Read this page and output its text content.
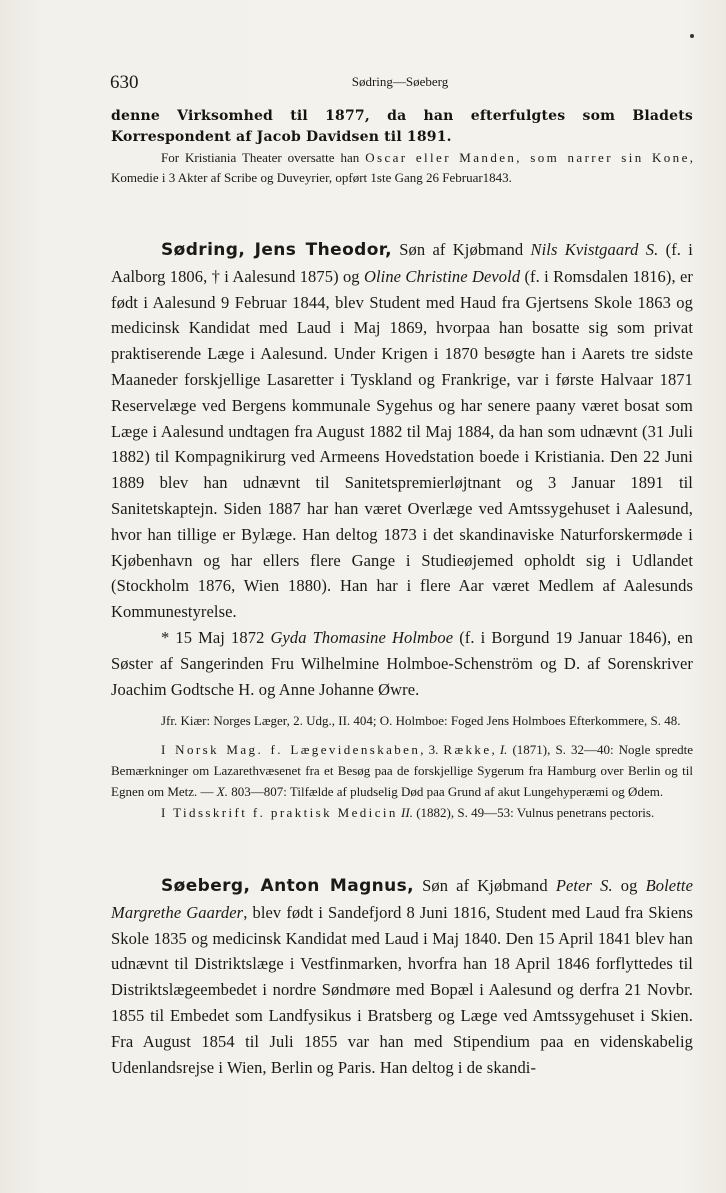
630	Sødring—Søeberg
denne Virksomhed til 1877, da han efterfulgtes som Bladets Korrespondent af Jacob Davidsen til 1891.
For Kristiania Theater oversatte han Oscar eller Manden, som narrer sin Kone, Komedie i 3 Akter af Scribe og Duveyrier, opført 1ste Gang 26 Februar1843.

Sødring, Jens Theodor, Søn af Kjøbmand Nils Kvistgaard S. (f. i Aalborg 1806, † i Aalesund 1875) og Oline Christine Devold (f. i Romsdalen 1816), er født i Aalesund 9 Februar 1844, blev Student med Haud fra Gjertsens Skole 1863 og medicinsk Kandidat med Laud i Maj 1869, hvorpaa han bosatte sig som privat praktiserende Læge i Aalesund. Under Krigen i 1870 besøgte han i Aarets tre sidste Maaneder forskjellige Lasaretter i Tyskland og Frankrige, var i første Halvaar 1871 Reservelæge ved Bergens kommunale Sygehus og har senere paany været bosat som Læge i Aalesund undtagen fra August 1882 til Maj 1884, da han som udnævnt (31 Juli 1882) til Kompagnikirurg ved Armeens Hovedstation boede i Kristiania. Den 22 Juni 1889 blev han udnævnt til Sanitetspremierløjtnant og 3 Januar 1891 til Sanitetskaptejn. Siden 1887 har han været Overlæge ved Amtssygehuset i Aalesund, hvor han tillige er Bylæge. Han deltog 1873 i det skandinaviske Naturforskermøde i Kjøbenhavn og har ellers flere Gange i Studieøjemed opholdt sig i Udlandet (Stockholm 1876, Wien 1880). Han har i flere Aar været Medlem af Aalesunds Kommunestyrelse.

* 15 Maj 1872 Gyda Thomasine Holmboe (f. i Borgund 19 Januar 1846), en Søster af Sangerinden Fru Wilhelmine Holmboe-Schenström og D. af Sorenskriver Joachim Godtsche H. og Anne Johanne Øwre.

Jfr. Kiær: Norges Læger, 2. Udg., II. 404; O. Holmboe: Foged Jens Holmboes Efterkommere, S. 48.

I Norsk Mag. f. Lægevidenskaben, 3. Række, I. (1871), S. 32—40: Nogle spredte Bemærkninger om Lazarethvæsenet fra et Besøg paa de forskjellige Sygerum fra Hamburg over Berlin og til Egnen om Metz. — X. 803—807: Tilfælde af pludselig Død paa Grund af akut Lungehyperæmi og Ødem.

I Tidsskrift f. praktisk Medicin II. (1882), S. 49—53: Vulnus penetrans pectoris.

Søeberg, Anton Magnus, Søn af Kjøbmand Peter S. og Bolette Margrethe Gaarder, blev født i Sandefjord 8 Juni 1816, Student med Laud fra Skiens Skole 1835 og medicinsk Kandidat med Laud i Maj 1840. Den 15 April 1841 blev han udnævnt til Distriktslæge i Vestfinmarken, hvorfra han 18 April 1846 forflyttedes til Distriktslægeembedet i nordre Søndmøre med Bopæl i Aalesund og derfra 21 Novbr. 1855 til Embedet som Landfysikus i Bratsberg og Læge ved Amtssygehuset i Skien. Fra August 1854 til Juli 1855 var han med Stipendium paa en videnskabelig Udenlandsrejse i Wien, Berlin og Paris. Han deltog i de skandi-
